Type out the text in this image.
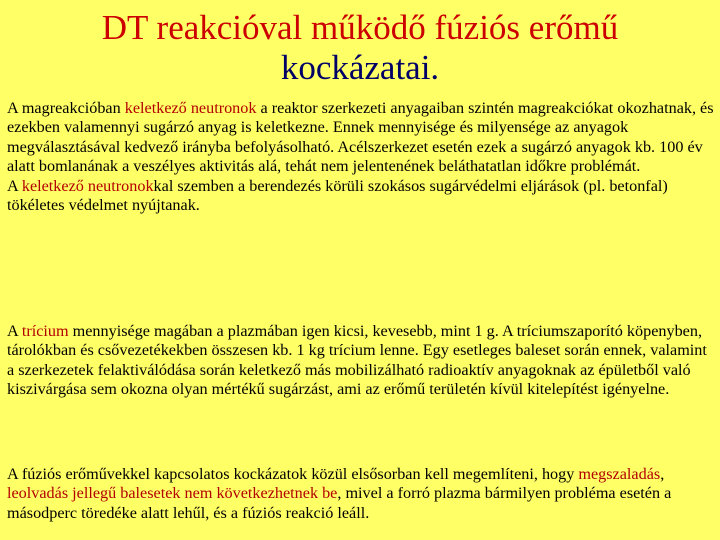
DT reakcióval működő fúziós erőmű
kockázatai.
A magreakcióban keletkező neutronok a reaktor szerkezeti anyagaiban szintén magreakciókat okozhatnak, és ezekben valamennyi sugárzó anyag is keletkezne. Ennek mennyisége és milyensége az anyagok megválasztásával kedvező irányba befolyásolható. Acélszerkezet esetén ezek a sugárzó anyagok kb. 100 év alatt bomlanának a veszélyes aktivitás alá, tehát nem jelentenének beláthatatlan időkre problémát.
A keletkező neutronokkal szemben a berendezés körüli szokásos sugárvédelmi eljárások (pl. betonfal) tökéletes védelmet nyújtanak.
A trícium mennyisége magában a plazmában igen kicsi, kevesebb, mint 1 g. A tríciumszaporító köpenyben, tárolókban és csővezetékekben összesen kb. 1 kg trícium lenne. Egy esetleges baleset során ennek, valamint a szerkezetek felaktiválódása során keletkező más mobilizálható radioaktív anyagoknak az épületből való kiszivárgása sem okozna olyan mértékű sugárzást, ami az erőmű területén kívül kitelepítést igényelne.
A fúziós erőművekkel kapcsolatos kockázatok közül elsősorban kell megemlíteni, hogy megszaladás, leolvadás jellegű balesetek nem következhetnek be, mivel a forró plazma bármilyen probléma esetén a másodperc töredéke alatt lehűl, és a fúziós reakció leáll.
